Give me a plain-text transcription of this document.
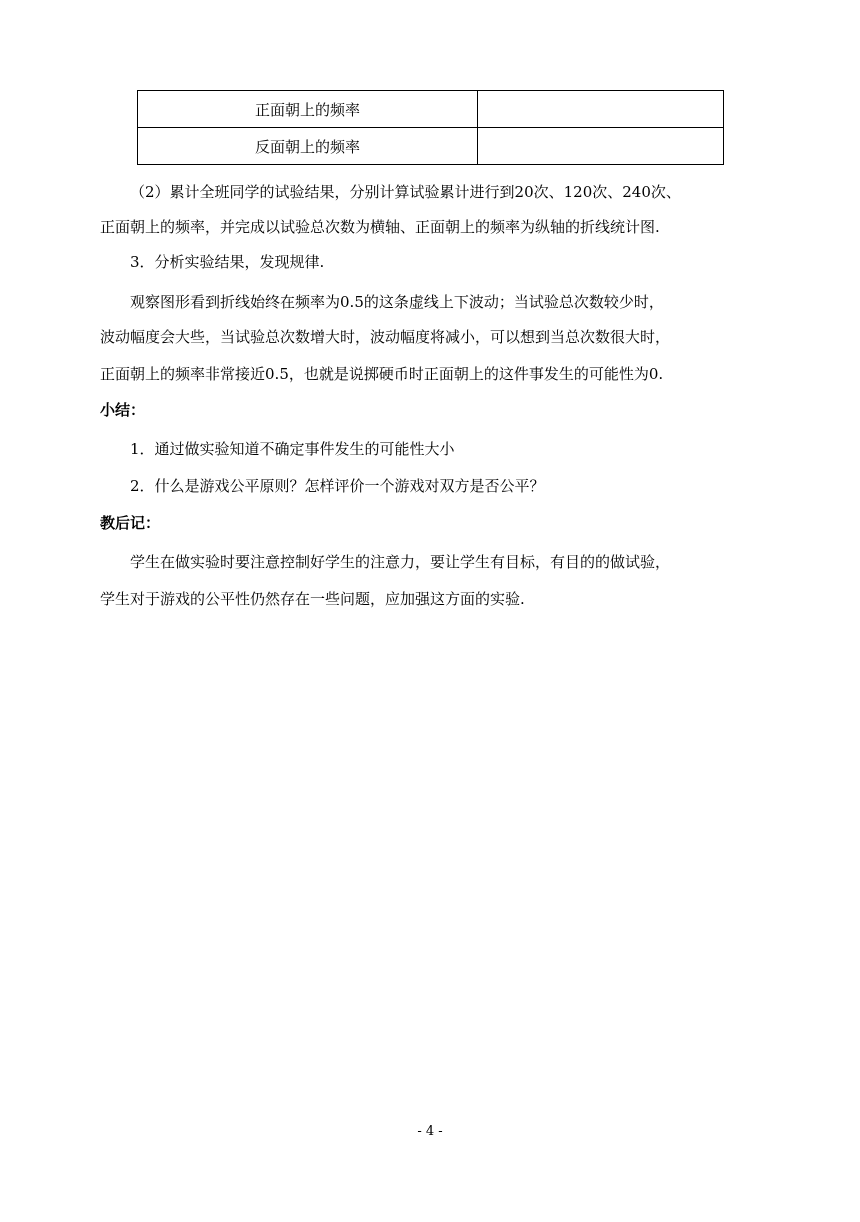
正面朝上的频率	
反面朝上的频率	
（2）累计全班同学的试验结果，分别计算试验累计进行到20次、120次、240次、
正面朝上的频率，并完成以试验总次数为横轴、正面朝上的频率为纵轴的折线统计图.
3．分析实验结果，发现规律.
观察图形看到折线始终在频率为0.5的这条虚线上下波动；当试验总次数较少时，
波动幅度会大些，当试验总次数增大时，波动幅度将减小，可以想到当总次数很大时，
正面朝上的频率非常接近0.5，也就是说掷硬币时正面朝上的这件事发生的可能性为0.
小结：
1．通过做实验知道不确定事件发生的可能性大小
2．什么是游戏公平原则？怎样评价一个游戏对双方是否公平？
教后记：
学生在做实验时要注意控制好学生的注意力，要让学生有目标，有目的的做试验，
学生对于游戏的公平性仍然存在一些问题，应加强这方面的实验.
- 4 -
